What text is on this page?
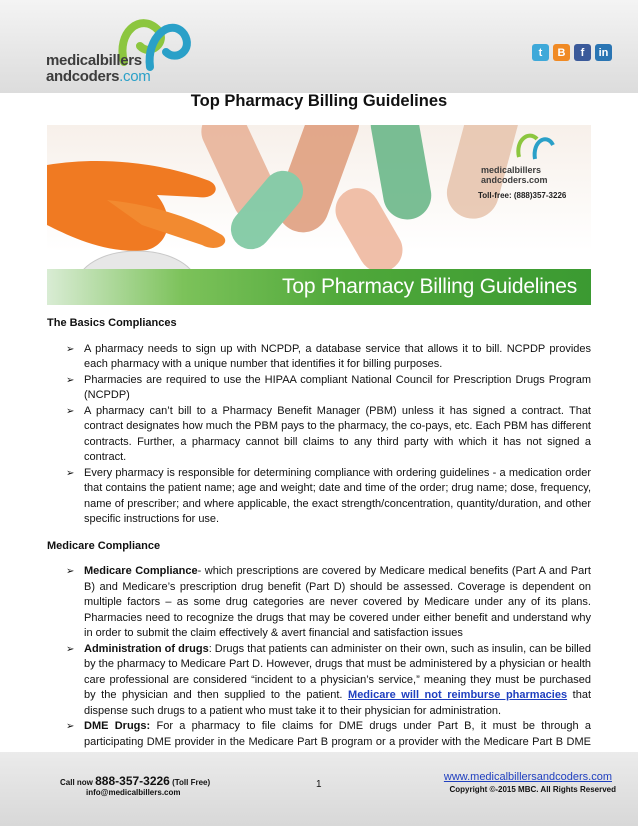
medicalbillers
andcoders.com
t	B	f	in
Top Pharmacy Billing Guidelines
medicalbillers
andcoders.com
Toll-free: (888)357-3226
Top Pharmacy Billing Guidelines
The Basics Compliances
➢ A pharmacy needs to sign up with NCPDP, a database service that allows it to bill. NCPDP provides each pharmacy with a unique number that identifies it for billing purposes.
➢ Pharmacies are required to use the HIPAA compliant National Council for Prescription Drugs Program (NCPDP)
➢ A pharmacy can’t bill to a Pharmacy Benefit Manager (PBM) unless it has signed a contract. That contract designates how much the PBM pays to the pharmacy, the co-pays, etc. Each PBM has different contracts. Further, a pharmacy cannot bill claims to any third party with which it has not signed a contract.
➢ Every pharmacy is responsible for determining compliance with ordering guidelines - a medication order that contains the patient name; age and weight; date and time of the order; drug name; dose, frequency, name of prescriber; and where applicable, the exact strength/concentration, quantity/duration, and other specific instructions for use.
Medicare Compliance
➢ Medicare Compliance- which prescriptions are covered by Medicare medical benefits (Part A and Part B) and Medicare’s prescription drug benefit (Part D) should be assessed. Coverage is dependent on multiple factors – as some drug categories are never covered by Medicare under any of its plans. Pharmacies need to recognize the drugs that may be covered under either benefit and understand why in order to submit the claim effectively & avert financial and satisfaction issues
➢ Administration of drugs: Drugs that patients can administer on their own, such as insulin, can be billed by the pharmacy to Medicare Part D. However, drugs that must be administered by a physician or health care professional are considered “incident to a physician’s service,” meaning they must be purchased by the physician and then supplied to the patient. Medicare will not reimburse pharmacies that dispense such drugs to a patient who must take it to their physician for administration.
➢ DME Drugs: For a pharmacy to file claims for DME drugs under Part B, it must be through a participating DME provider in the Medicare Part B program or a provider with the Medicare Part B DME
Call now 888-357-3226 (Toll Free)
info@medicalbillers.com
1
www.medicalbillersandcoders.com
Copyright ©-2015 MBC. All Rights Reserved
